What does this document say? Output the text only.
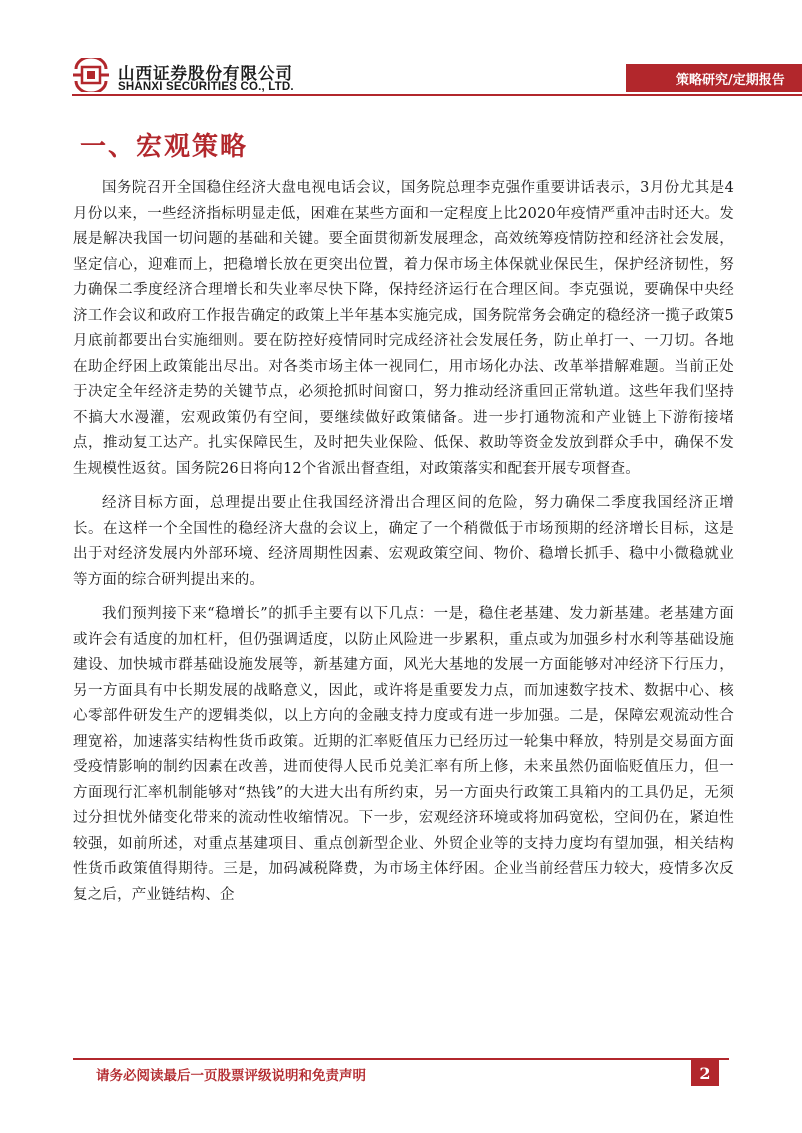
山西证券股份有限公司
SHANXI SECURITIES CO., LTD.	策略研究/定期报告
一、宏观策略

国务院召开全国稳住经济大盘电视电话会议，国务院总理李克强作重要讲话表示，3月份尤其是4月份以来，一些经济指标明显走低，困难在某些方面和一定程度上比2020年疫情严重冲击时还大。发展是解决我国一切问题的基础和关键。要全面贯彻新发展理念，高效统筹疫情防控和经济社会发展，坚定信心，迎难而上，把稳增长放在更突出位置，着力保市场主体保就业保民生，保护经济韧性，努力确保二季度经济合理增长和失业率尽快下降，保持经济运行在合理区间。李克强说，要确保中央经济工作会议和政府工作报告确定的政策上半年基本实施完成，国务院常务会确定的稳经济一揽子政策5月底前都要出台实施细则。要在防控好疫情同时完成经济社会发展任务，防止单打一、一刀切。各地在助企纾困上政策能出尽出。对各类市场主体一视同仁，用市场化办法、改革举措解难题。当前正处于决定全年经济走势的关键节点，必须抢抓时间窗口，努力推动经济重回正常轨道。这些年我们坚持不搞大水漫灌，宏观政策仍有空间，要继续做好政策储备。进一步打通物流和产业链上下游衔接堵点，推动复工达产。扎实保障民生，及时把失业保险、低保、救助等资金发放到群众手中，确保不发生规模性返贫。国务院26日将向12个省派出督查组，对政策落实和配套开展专项督查。

经济目标方面，总理提出要止住我国经济滑出合理区间的危险，努力确保二季度我国经济正增长。在这样一个全国性的稳经济大盘的会议上，确定了一个稍微低于市场预期的经济增长目标，这是出于对经济发展内外部环境、经济周期性因素、宏观政策空间、物价、稳增长抓手、稳中小微稳就业等方面的综合研判提出来的。

我们预判接下来“稳增长”的抓手主要有以下几点：一是，稳住老基建、发力新基建。老基建方面或许会有适度的加杠杆，但仍强调适度，以防止风险进一步累积，重点或为加强乡村水利等基础设施建设、加快城市群基础设施发展等，新基建方面，风光大基地的发展一方面能够对冲经济下行压力，另一方面具有中长期发展的战略意义，因此，或许将是重要发力点，而加速数字技术、数据中心、核心零部件研发生产的逻辑类似，以上方向的金融支持力度或有进一步加强。二是，保障宏观流动性合理宽裕，加速落实结构性货币政策。近期的汇率贬值压力已经历过一轮集中释放，特别是交易面方面受疫情影响的制约因素在改善，进而使得人民币兑美汇率有所上修，未来虽然仍面临贬值压力，但一方面现行汇率机制能够对“热钱”的大进大出有所约束，另一方面央行政策工具箱内的工具仍足，无须过分担忧外储变化带来的流动性收缩情况。下一步，宏观经济环境或将加码宽松，空间仍在，紧迫性较强，如前所述，对重点基建项目、重点创新型企业、外贸企业等的支持力度均有望加强，相关结构性货币政策值得期待。三是，加码减税降费，为市场主体纾困。企业当前经营压力较大，疫情多次反复之后，产业链结构、企

请务必阅读最后一页股票评级说明和免责声明	2
